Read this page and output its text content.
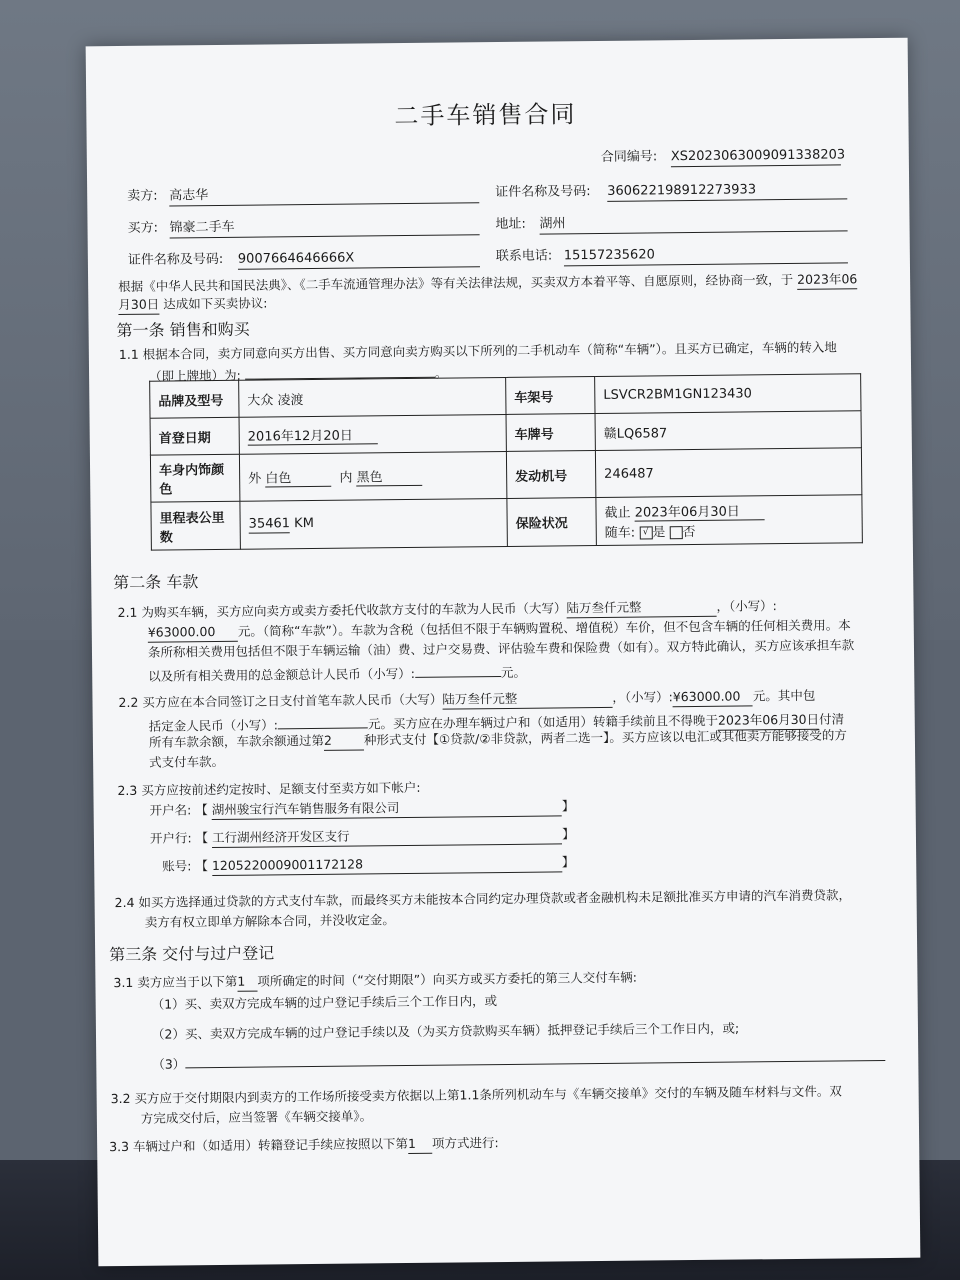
二手车销售合同
合同编号: XS2023063009091338203
卖方: 高志华	证件名称及号码: 360622198912273933
买方: 锦豪二手车	地址: 湖州
证件名称及号码: 9007664646666X	联系电话: 15157235620
根据《中华人民共和国民法典》、《二手车流通管理办法》等有关法律法规，买卖双方本着平等、自愿原则，经协商一致，于 2023年06
月30日 达成如下买卖协议:
第一条 销售和购买
1.1 根据本合同，卖方同意向买方出售、买方同意向卖方购买以下所列的二手机动车（简称“车辆”）。且买方已确定，车辆的转入地
（即上牌地）为:	。
品牌及型号	大众 凌渡	车架号	LSVCR2BM1GN123430
首登日期	2016年12月20日	车牌号	赣LQ6587
车身内饰颜色	外 白色 内 黑色	发动机号	246487
里程表公里数	35461 KM	保险状况	截止 2023年06月30日
随车: √ 是 否
第二条 车款
2.1 为购买车辆，买方应向卖方或卖方委托代收款方支付的车款为人民币（大写）陆万叁仟元整	，（小写）:
¥63000.00 元。（简称“车款”）。车款为含税（包括但不限于车辆购置税、增值税）车价，但不包含车辆的任何相关费用。本
条所称相关费用包括但不限于车辆运输（油）费、过户交易费、评估验车费和保险费（如有）。双方特此确认，买方应该承担车款
以及所有相关费用的总金额总计人民币（小写）:	元。
2.2 买方应在本合同签订之日支付首笔车款人民币（大写）陆万叁仟元整	，（小写）:¥63000.00 元。其中包
括定金人民币（小写）:	元。买方应在办理车辆过户和（如适用）转籍手续前且不得晚于2023年06月30日付清
所有车款余额，车款余额通过第2	种形式支付【①贷款/②非贷款，两者二选一】。买方应该以电汇或其他卖方能够接受的方
式支付车款。
2.3 买方应按前述约定按时、足额支付至卖方如下帐户:
开户名: 【 湖州骏宝行汽车销售服务有限公司	】
开户行: 【 工行湖州经济开发区支行	】
账号: 【 1205220009001172128	】
2.4 如买方选择通过贷款的方式支付车款，而最终买方未能按本合同约定办理贷款或者金融机构未足额批准买方申请的汽车消费贷款，
卖方有权立即单方解除本合同，并没收定金。
第三条 交付与过户登记
3.1 卖方应当于以下第1 项所确定的时间（“交付期限”）向买方或买方委托的第三人交付车辆:
（1）买、卖双方完成车辆的过户登记手续后三个工作日内，或
（2）买、卖双方完成车辆的过户登记手续以及（为买方贷款购买车辆）抵押登记手续后三个工作日内，或;
（3）
3.2 买方应于交付期限内到卖方的工作场所接受卖方依据以上第1.1条所列机动车与《车辆交接单》交付的车辆及随车材料与文件。双
方完成交付后，应当签署《车辆交接单》。
3.3 车辆过户和（如适用）转籍登记手续应按照以下第1 项方式进行:
